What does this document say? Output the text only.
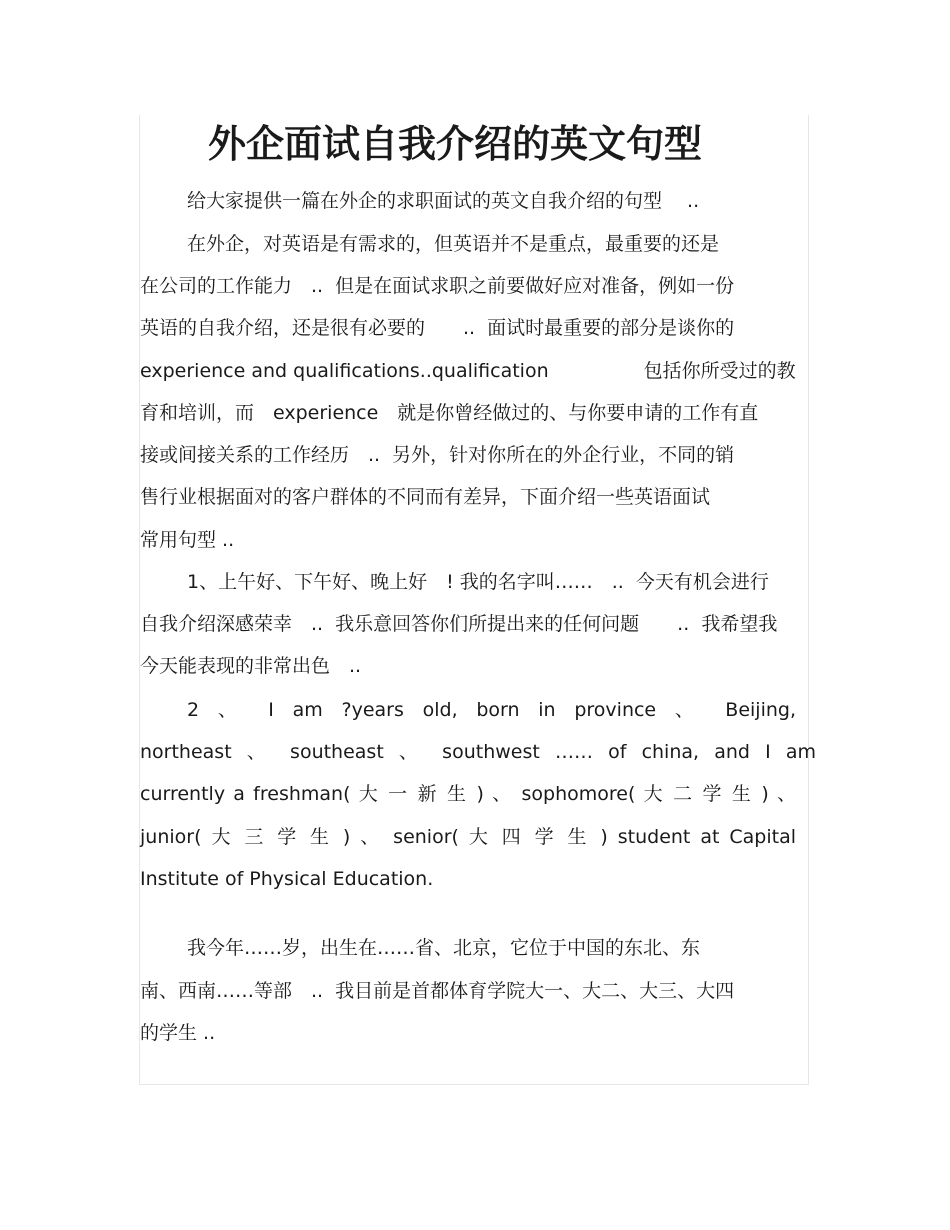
外企面试自我介绍的英文句型

给大家提供一篇在外企的求职面试的英文自我介绍的句型　 ..

在外企，对英语是有需求的，但英语并不是重点，最重要的还是

在公司的工作能力　..  但是在面试求职之前要做好应对准备，例如一份

英语的自我介绍，还是很有必要的　　..  面试时最重要的部分是谈你的

experience and qualifications..qualification　　　　　包括你所受过的教

育和培训，而　experience　就是你曾经做过的、与你要申请的工作有直

接或间接关系的工作经历　..  另外，针对你所在的外企行业，不同的销

售行业根据面对的客户群体的不同而有差异，下面介绍一些英语面试

常用句型 ..

1、上午好、下午好、晚上好　! 我的名字叫……　..  今天有机会进行

自我介绍深感荣幸　..  我乐意回答你们所提出来的任何问题　　..  我希望我

今天能表现的非常出色　..

2 、 I am ?years old, born in province 、 Beijing,

northeast 、 southeast 、 southwest …… of china, and I am

currently a freshman( 大 一 新 生 ) 、 sophomore( 大 二 学 生 ) 、

junior( 大 三 学 生 ) 、 senior( 大 四 学 生 ) student at Capital

Institute of Physical Education.

我今年……岁，出生在……省、北京，它位于中国的东北、东

南、西南……等部　..  我目前是首都体育学院大一、大二、大三、大四

的学生 ..
